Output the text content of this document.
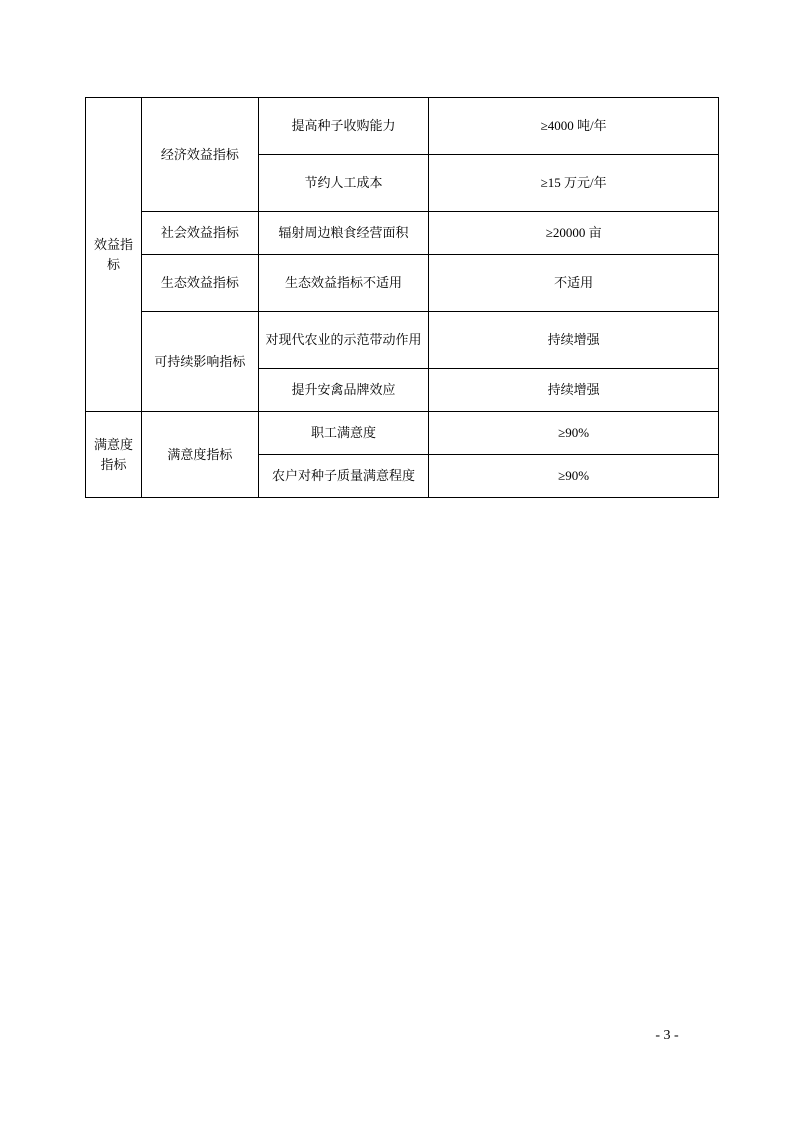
效益指标	经济效益指标	提高种子收购能力	≥4000 吨/年
		节约人工成本	≥15 万元/年
	社会效益指标	辐射周边粮食经营面积	≥20000 亩
	生态效益指标	生态效益指标不适用	不适用
	可持续影响指标	对现代农业的示范带动作用	持续增强
		提升安禽品牌效应	持续增强
满意度指标	满意度指标	职工满意度	≥90%
		农户对种子质量满意程度	≥90%
- 3 -
